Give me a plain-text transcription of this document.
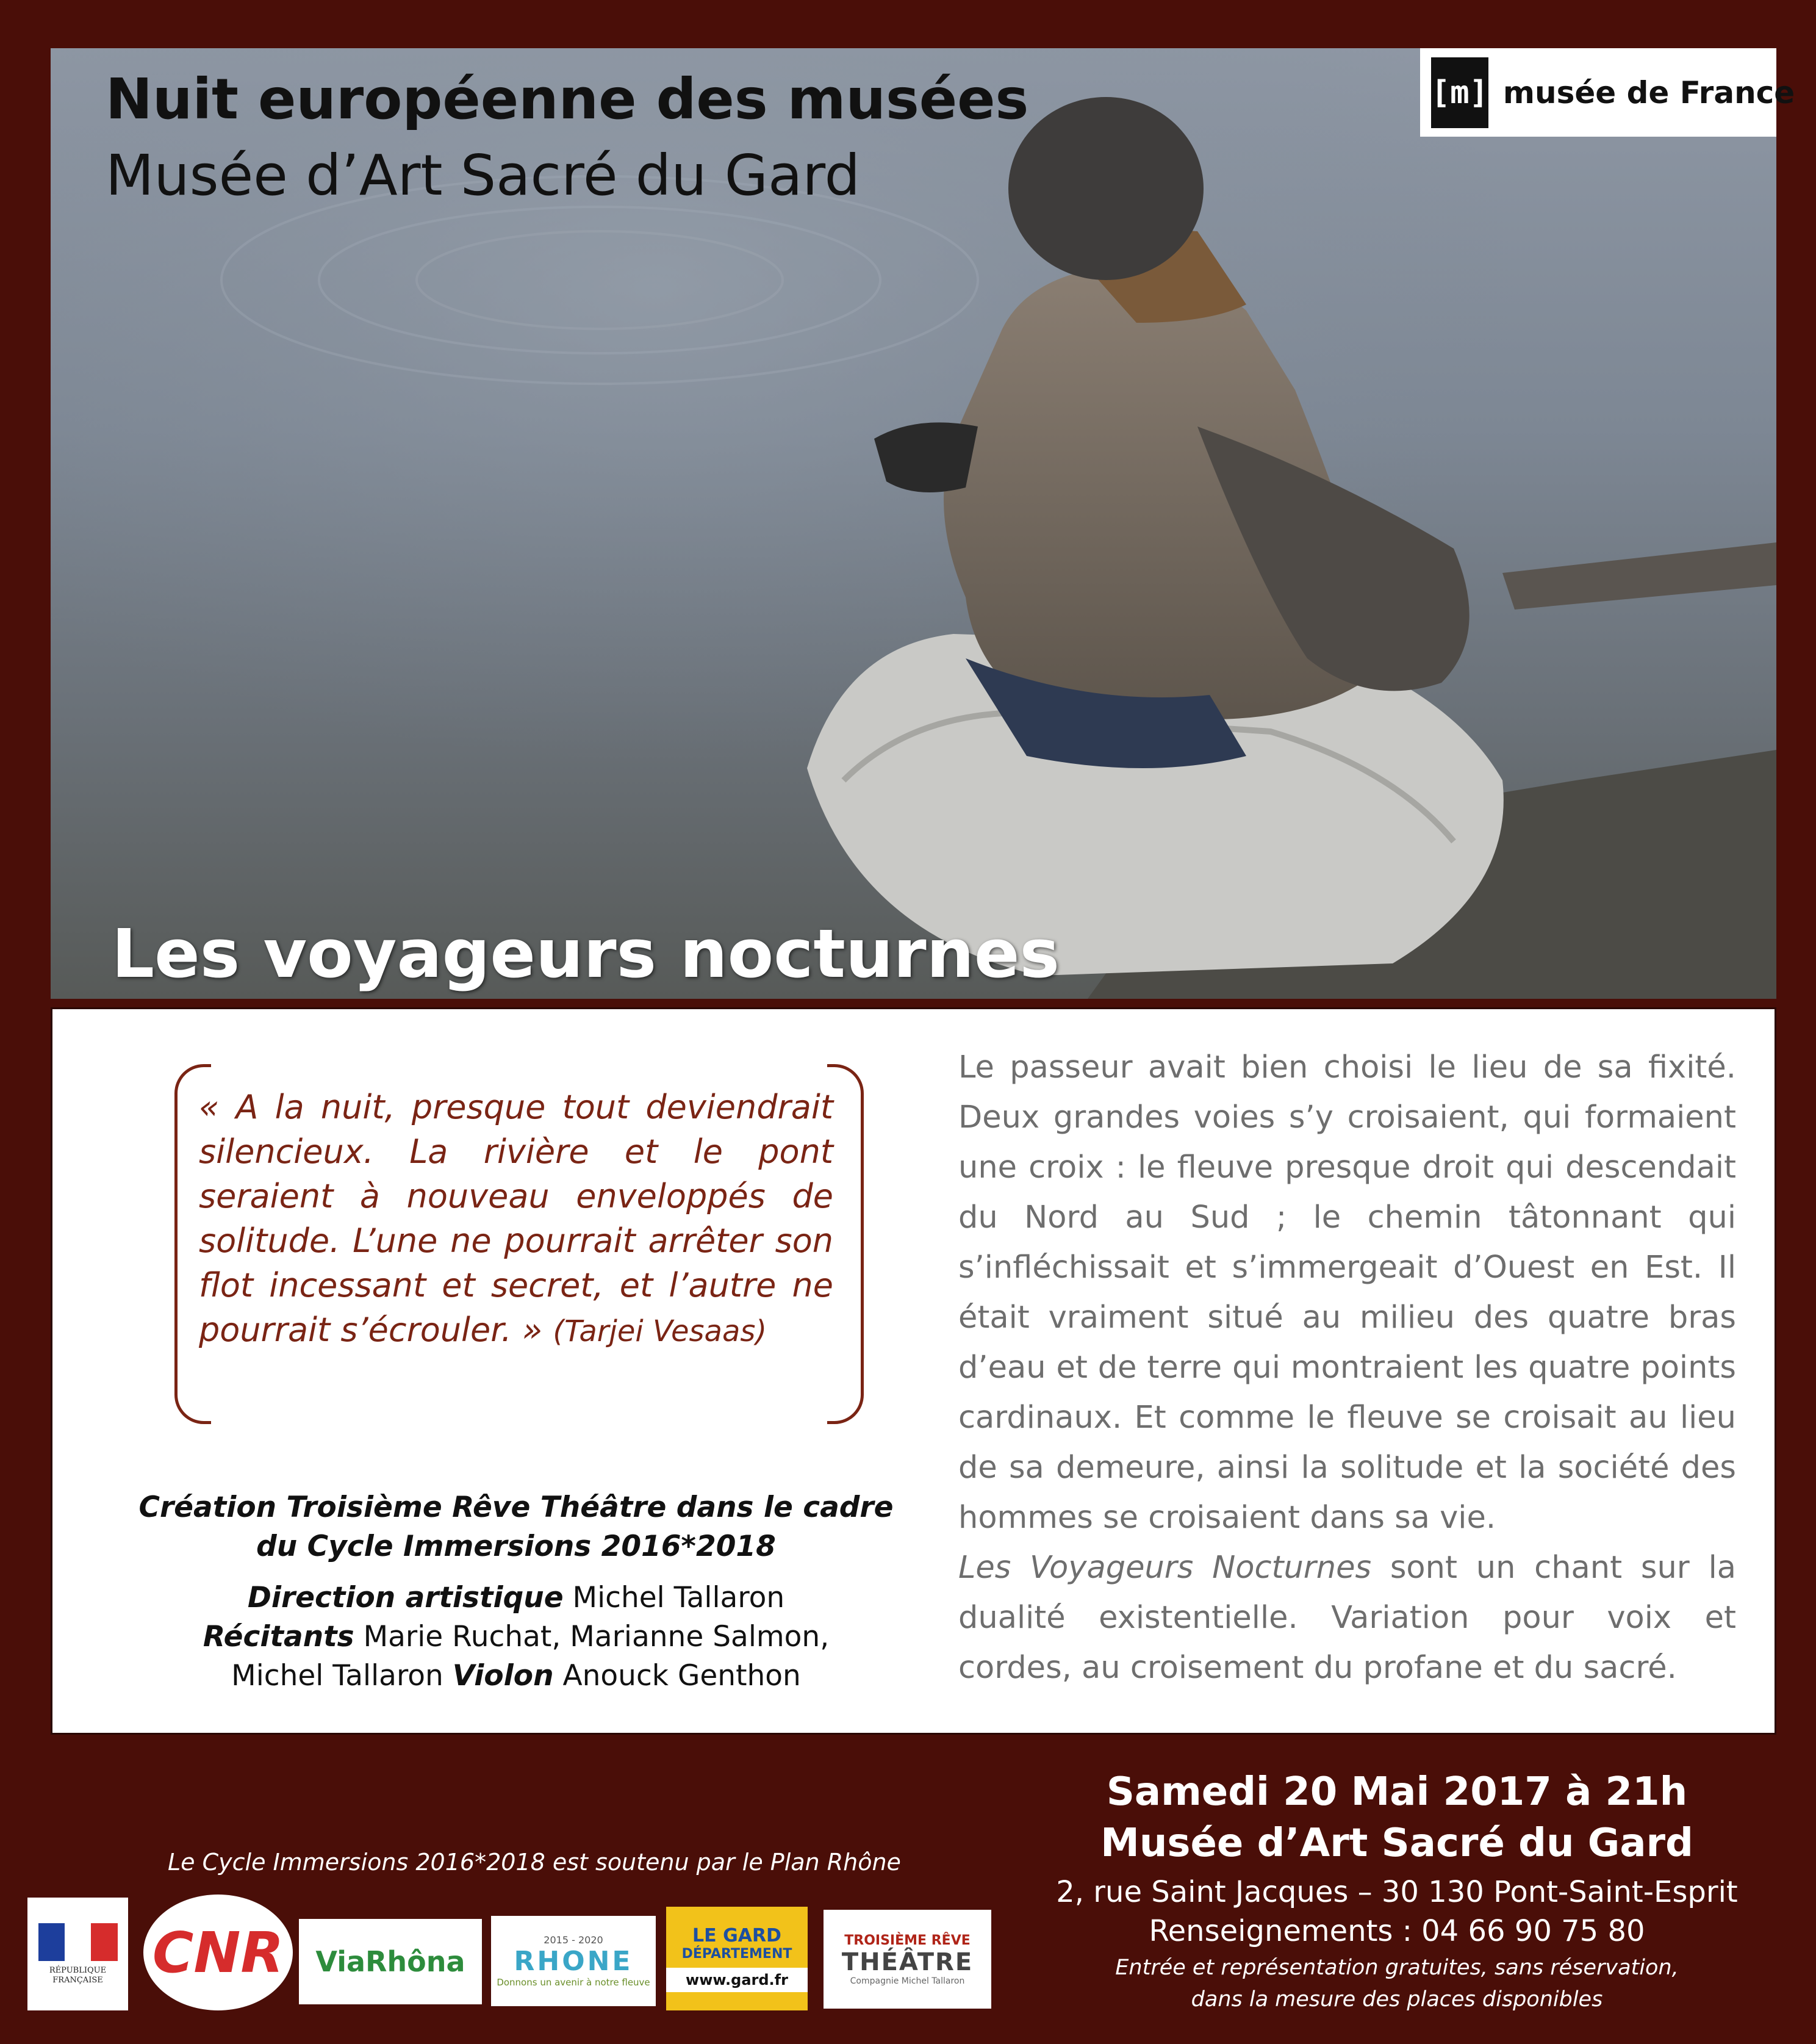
Nuit européenne des musées
Musée d’Art Sacré du Gard
[m] musée de France
Les voyageurs nocturnes
« A la nuit, presque tout deviendrait silencieux. La rivière et le pont seraient à nouveau enveloppés de solitude. L’une ne pourrait arrêter son flot incessant et secret, et l’autre ne pourrait s’écrouler. » (Tarjei Vesaas)
Création Troisième Rêve Théâtre dans le cadre
du Cycle Immersions 2016*2018
Direction artistique Michel Tallaron
Récitants Marie Ruchat, Marianne Salmon,
Michel Tallaron Violon Anouck Genthon

Le passeur avait bien choisi le lieu de sa fixité. Deux grandes voies s’y croisaient, qui formaient une croix : le fleuve presque droit qui descendait du Nord au Sud ; le chemin tâtonnant qui s’infléchissait et s’immergeait d’Ouest en Est. Il était vraiment situé au milieu des quatre bras d’eau et de terre qui montraient les quatre points cardinaux. Et comme le fleuve se croisait au lieu de sa demeure, ainsi la solitude et la société des hommes se croisaient dans sa vie.

Les Voyageurs Nocturnes sont un chant sur la dualité existentielle. Variation pour voix et cordes, au croisement du profane et du sacré.

Le Cycle Immersions 2016*2018 est soutenu par le Plan Rhône
RÉPUBLIQUE FRANÇAISE CNR ViaRhôna
2015 - 2020
RHONE
Donnons un avenir à notre fleuve
LE GARD
DÉPARTEMENT
www.gard.fr
TROISIÈME RÊVE
THÉÂTRE
Compagnie Michel Tallaron
Samedi 20 Mai 2017 à 21h
Musée d’Art Sacré du Gard
2, rue Saint Jacques – 30 130 Pont-Saint-Esprit
Renseignements : 04 66 90 75 80
Entrée et représentation gratuites, sans réservation,
dans la mesure des places disponibles
